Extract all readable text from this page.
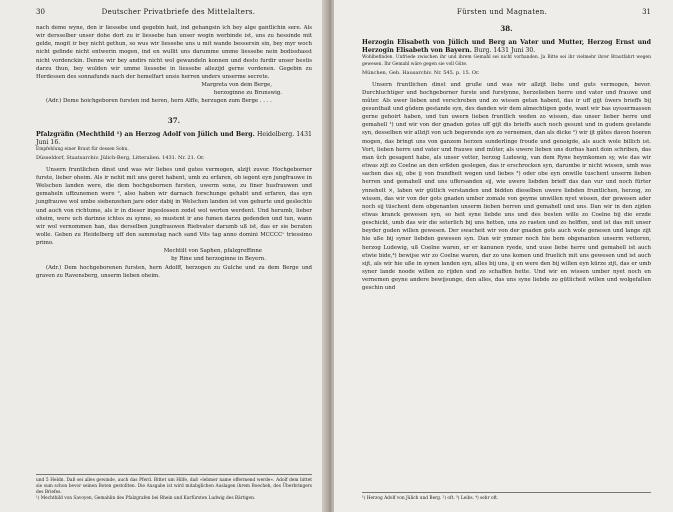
30	Deutscher Privatbriefe des Mittelalters.

nach deme wyne, den ir liessebe und gegebin hait, ind gehangsin ich bey alge gantlichin sere. Als wir dersselber unser dohe dort zu ir liessebe han unser wegin werbinde ist, uns zu hessinde mit gelde, mogit ir bey nicht gethun, so wus wir liessebe uns u mit wande bessersin sin, bey myr woch nicht gefinde nicht entwerin mogen, ind en wullit uns darumme umme liessebe nein bodisshasst nicht vordenckin. Denne wir bey andirs nicht wol gewandeln konnen und desto furdir unser bestis darzu thun, bey wulden wir umme liessebe in liessebe allezijd gerne vordenen. Gegebin zu Herdessen des sonnafunds nach der hemelfart unsis herren unders unserme secrete.

Margreta von dem Berge,
herzoginne zu Brunswig.

(Adr.) Deme hoichgeboren fursten ind heren, hern Alffe, herzugen zum Berge . . . .

37.

Pfalzgräfin (Mechthild ¹) an Herzog Adolf von Jülich und Berg. Heidelberg. 1431 Juni 16.

Empfehlung einer Braut für dessen Sohn.

Düsseldorf, Staatsarchiv. Jülich-Berg, Litteralien. 1431. Nr. 21. Or.

Unsern fruntlichen dinst und was wir liebes und gutes vermogen, alzijt zuvor. Hochgeborner furste, lieber oheim. Als ir nehit mit uns geret habent, umb zu erfaren, ob iegent eyn jungfrauwe in Welschen landen were, die dem hochgebornen fursten, uwerm sone, zu finer husfrauwen und gemaheln uffzunemen were ², also haben wir darnach forschunge gehabt und erfaren, das eyn jungfrauwe wol umbe siebenzehen jare oder dabij in Welschen landen ist von geburte und geslechte und auch von richtume, als ir in dieser ingeslossen zedel wol werten werdent. Und herumb, lieber oheim, were uch darinne ichtes zu synne, so mustent ir ane fumen darzu gedenden und tun, wann wir wol vernommen han, das derselben jungfrauwen Riebvater darumb uß ist, das er sie beraten wolle. Geben zu Heidelberg uff den sammstag nach sand Vits tag anno domini MCCCCᵒ triessimo primo.

Mechtilt von Saphen, pfalzgreffinne
by Rine und herzoginne in Beyern.

(Adr.) Dem hochgeborenen fursten, hern Adolff, herzogen zu Gulche und zu dem Berge und graven zu Ravensberg, unserm lieben oheim.

und 5 Heldn. Daß sei alles gewinde, auch das Pferd. Bittet um Hilfe, daß »lebmer name offermend werde«. Adolf dem bittet sie sum schon bevor seinen Boten gestollten. Die Ausgabe ist wird mitabglichen Auslagen ihrem Boecheh, des Überbringers des Briefes.

¹) Mechthild von Savoyen, Gemahlin des Pfalzgrafen bei Rhein und Kurfürsten Ludwig des Bärtigen.

Fürsten und Magnaten.	31
38.

Herzogin Elisabeth von Jülich und Berg an Vater und Mutter, Herzog Ernst und Herzogin Elisabeth von Bayern. Burg. 1431 Juni 30.

Wohlbefinden. Unfriede zwischen ihr und ihrem Gemahl sei nicht vorhanden. Ja Bitte sei ihr vielmehr ihrer Brautfahrt wegen gewesen. Ihr Gemahl wäre gegen sie voll Güte.

München, Geh. Hausarchiv. Nr. 545. p. 15. Or.

Unsern fruntlichen dinst und gruße und was wir allzijt liebs und guts vermogen, bevor. Durchluchtiger und hochgeborner furste und furstynne, herzelieben herre und vater und frauwe und mûter. Als uwer lieben und verschreben und zo wissen getan habent, das ir uff gijt ûwers brieffs bij gesunthait und gûdem gestande syn, des danden wir dem almechtigen gode, want wir bas uyssermassen gerne gehoirt haben, und tun uwern lieben fruntlich weden zo wissen, das unser lieber herre und gemahell ¹) und wir von der gnaden gotes uff gijt dis brieffs auch noch gesunt und in gudem gestande syn, desselben wir allzijt von uch begerende syn zo vernemen, dan als dicke ²) wir ijt gûtes davon hoeren mogen, das bringt uns von ganzem herzen sunderlinge froude und genoigde, als auch wole billich ist. Vort, lieben herre und vater und frauwe und mûter, als uwere lieben uns durbas hant doin schriben, das man ûch gesagent habe, als unser vetter, herzog Ludewig, van dem Ryne heymkomen sy, wie das wir etwas zijt zo Coelne an den erßden geslegen, das ir erschrocken syn, darumbe ir nicht wissen, umb was sachen das sij, obe ij von frandheit wegen und liebes ³) oder obe eyn onwille tuschent unserm lieben herren und gemahell und uns uffersanden sij, wie uwere liebden brieff das dan vur und noch fürter ynnehelt ×, laben wir gütlich verstanden und bidden dieselben uwere liebden fruntlichen, herzog, zo wissen, das wir von der gots gnaden umber zomale von geyme unwillen nyet wissen, der gewesen ader noch sij tüschent dem obgenanten unserm lieben herren und gemahell und uns. Dan wir in den zijden etwas kranck gewesen syn, so heit syne liebde uns und des besten wille zo Coelne bij die erzde geschickt, umb das wir die seterlich bij uns hetten, uns zo raeten und zo helffen, und ist das mit unser beyder guden willen gewesen. Der swacheit wir von der gnaden gots auch wole genesen und lange zijt hie uße bij syner liebden gewesen syn. Dan wir ymmer noch hie bem obgenanten unserm vetteren, herzog Ludewig, uß Coelne waren, er er kanunen ryede, und uuse liebe herre und gemahell ist auch etwie bide,⁴) bewijse wir zo Coelne waren, dar zo uns komen und fruelich mit uns gewesen und ist auch sijt, als wir hie uße in synen landen syn, alles bij uns, ij en were den bij willen eyn kürze zijt, das er umb syner lande noode willen zo rijden und zo schaffen hette. Und wir en wissen umber nyet noch en vernemen geyne andere bewijsunge, den alles, das uns syne liebde zo gütlicheit willen und wolgefallen geschin und

¹) Herzog Adolf von Jülich und Berg. ²) oft. ³) Leibs. ⁴) sehr oft.
